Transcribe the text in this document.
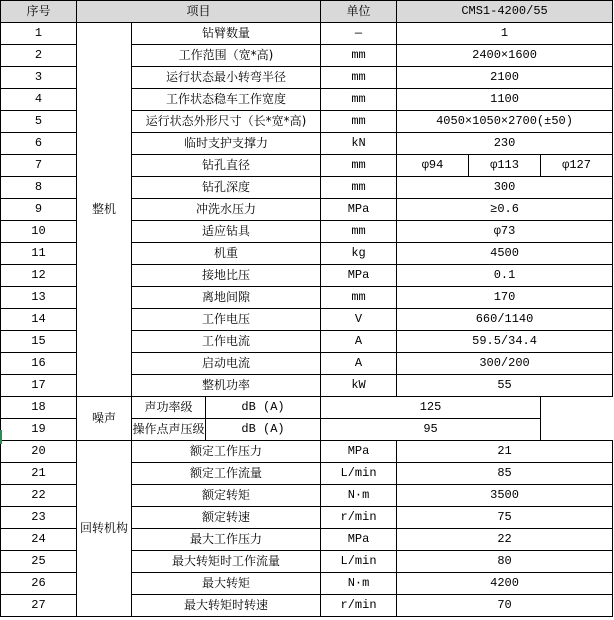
序号	项目			单位	CMS1-4200/55		
1	整机	钻臂数量		—	1		
2		工作范围（宽*高)		mm	2400×1600		
3		运行状态最小转弯半径		mm	2100		
4		工作状态稳车工作宽度		mm	1100		
5		运行状态外形尺寸（长*宽*高)		mm	4050×1050×2700(±50)		
6		临时支护支撑力		kN	230		
7		钻孔直径		mm	φ94	φ113	φ127
8		钻孔深度		mm	300		
9		冲洗水压力		MPa	≥0.6		
10		适应钻具		mm	φ73		
11		机重		kg	4500		
12		接地比压		MPa	0.1		
13		离地间隙		mm	170		
14		工作电压		V	660/1140		
15		工作电流		A	59.5/34.4		
16		启动电流		A	300/200		
17		整机功率		kW	55		
18	噪声	声功率级	dB (A)	125			
19		操作点声压级	dB (A)	95			
20	回转机构	额定工作压力		MPa	21		
21		额定工作流量		L/min	85		
22		额定转矩		N·m	3500		
23		额定转速		r/min	75		
24		最大工作压力		MPa	22		
25		最大转矩时工作流量		L/min	80		
26		最大转矩		N·m	4200		
27		最大转矩时转速		r/min	70		
